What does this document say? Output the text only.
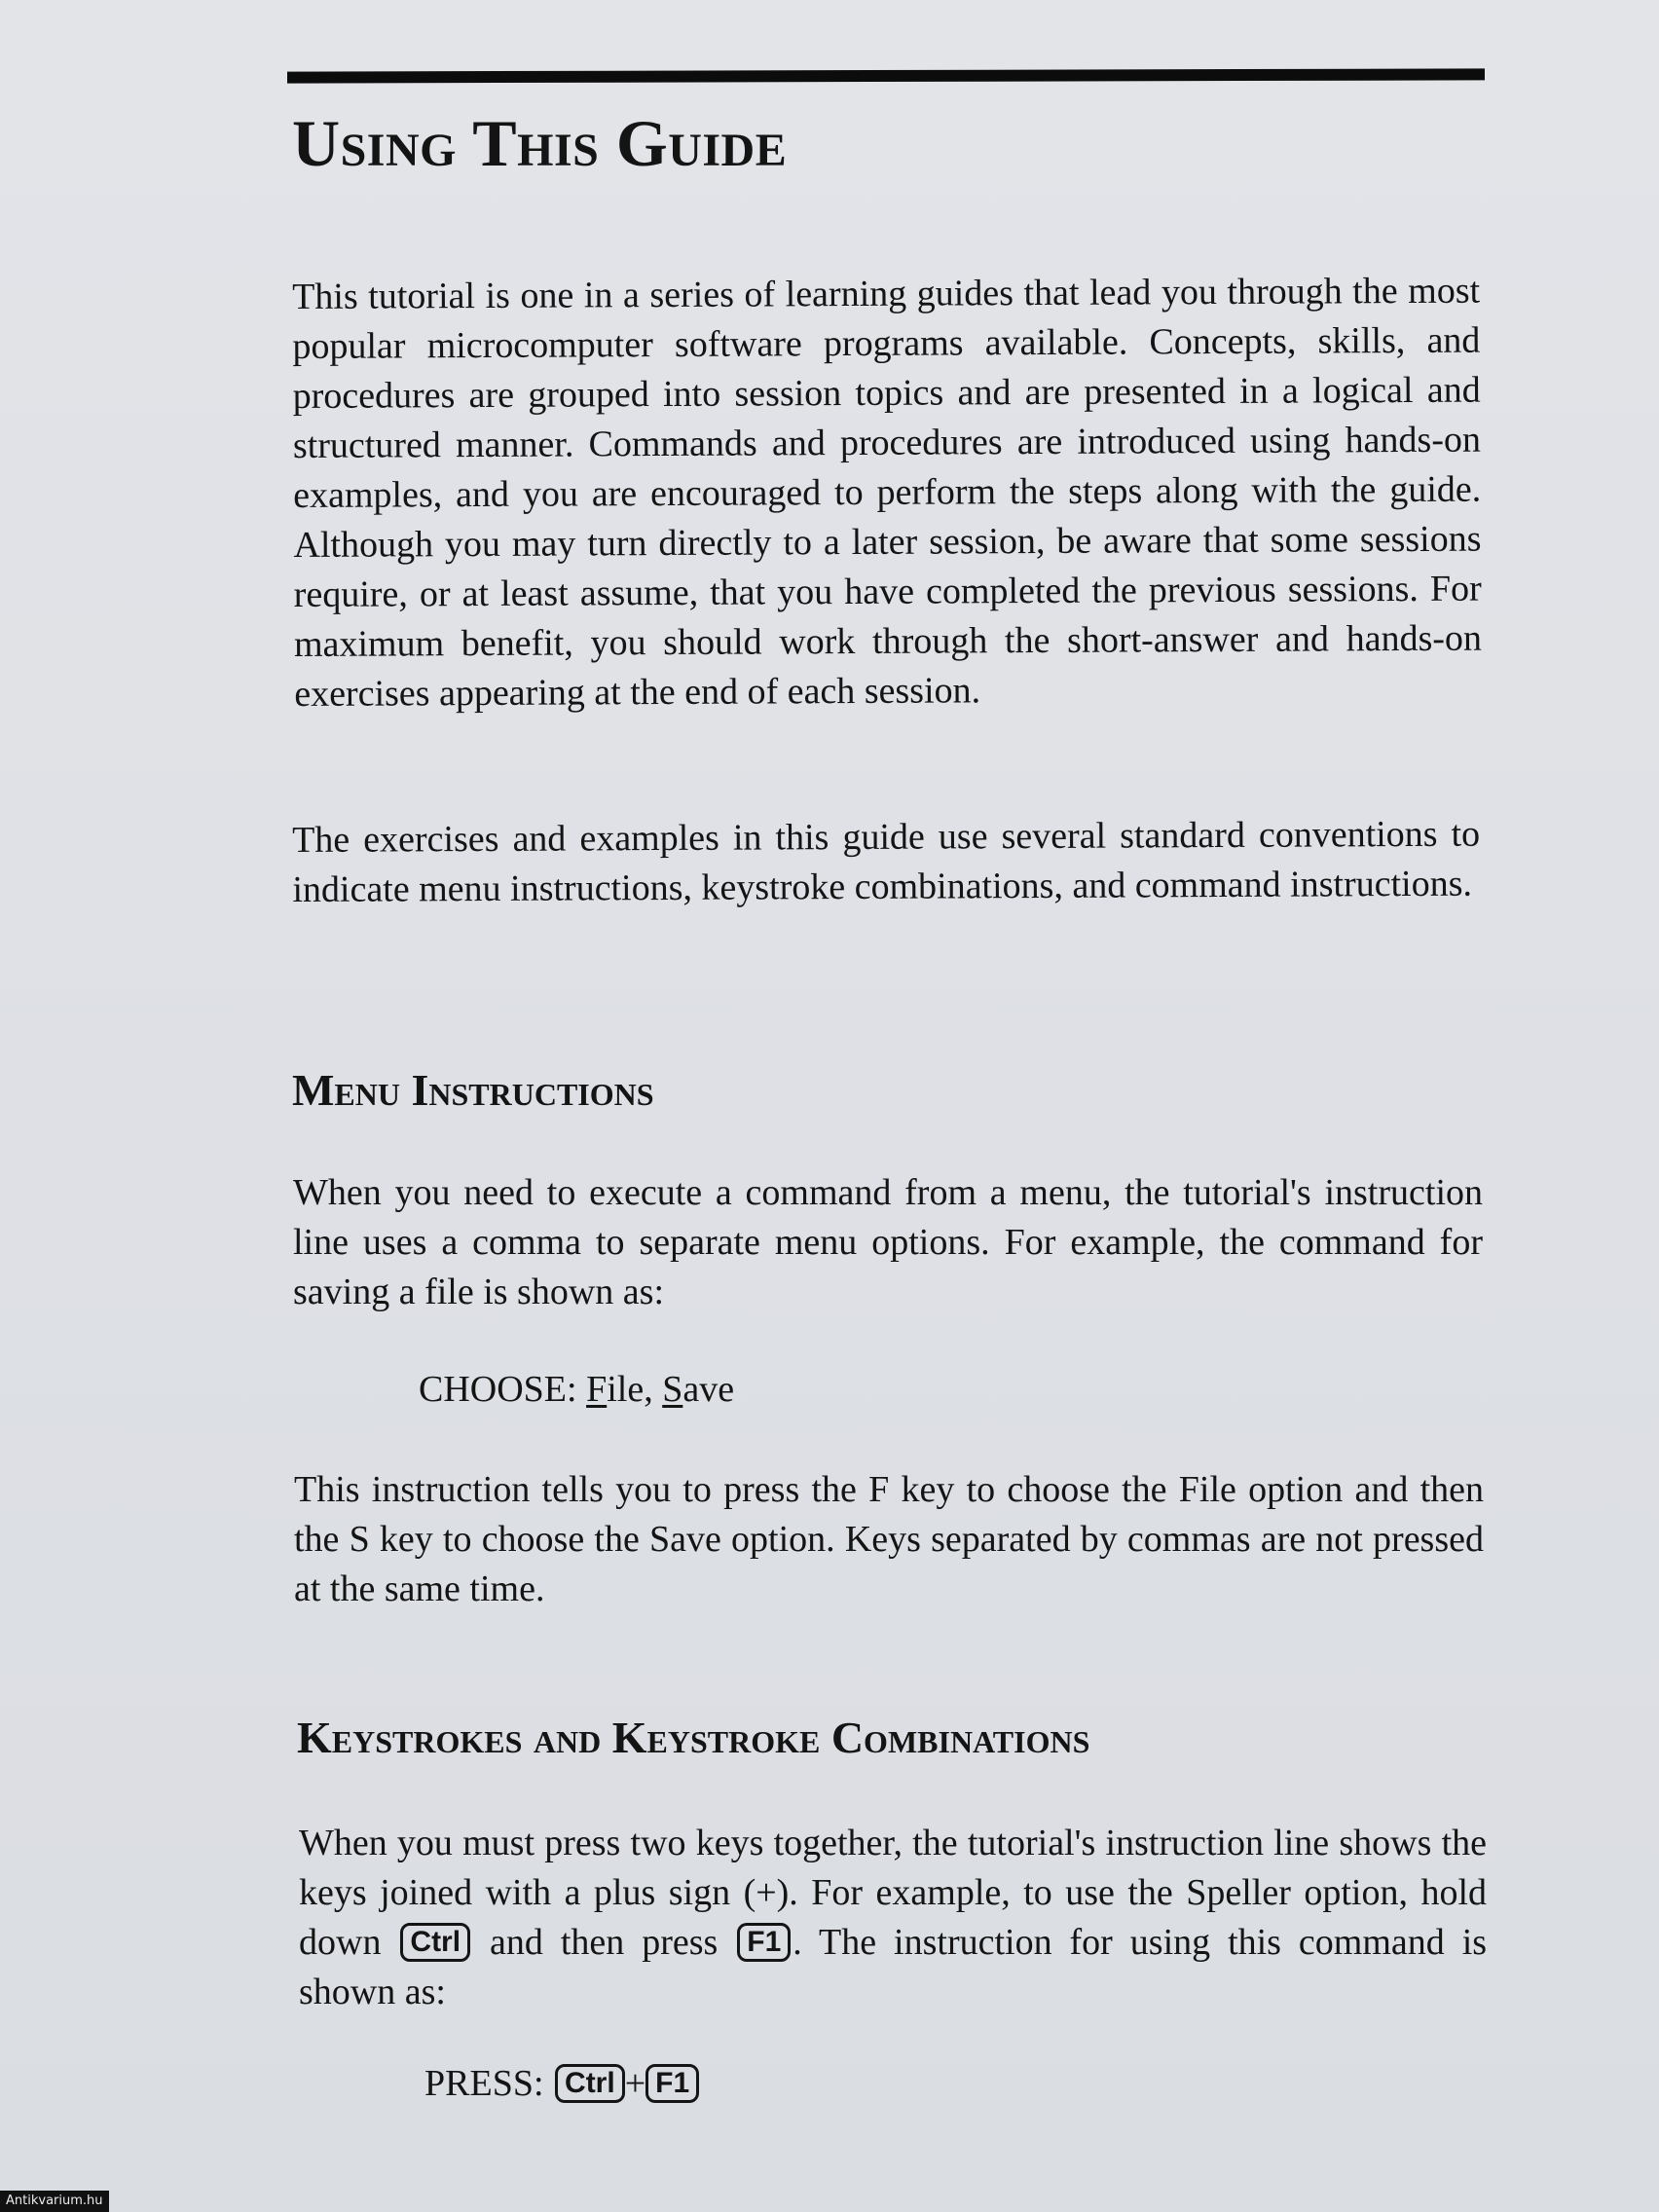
Using This Guide

This tutorial is one in a series of learning guides that lead you through the most popular microcomputer software programs available. Concepts, skills, and procedures are grouped into session topics and are presented in a logical and structured manner. Commands and procedures are introduced using hands-on examples, and you are encouraged to perform the steps along with the guide. Although you may turn directly to a later session, be aware that some sessions require, or at least assume, that you have completed the previous sessions. For maximum benefit, you should work through the short-answer and hands-on exercises appearing at the end of each session.

The exercises and examples in this guide use several standard conventions to indicate menu instructions, keystroke combinations, and command instructions.

Menu Instructions

When you need to execute a command from a menu, the tutorial's instruction line uses a comma to separate menu options. For example, the command for saving a file is shown as:

CHOOSE: File, Save

This instruction tells you to press the F key to choose the File option and then the S key to choose the Save option. Keys separated by commas are not pressed at the same time.

Keystrokes and Keystroke Combinations

When you must press two keys together, the tutorial's instruction line shows the keys joined with a plus sign (+). For example, to use the Speller option, hold down Ctrl and then press F1 . The instruction for using this command is shown as:

PRESS: Ctrl + F1

Antikvarium.hu
